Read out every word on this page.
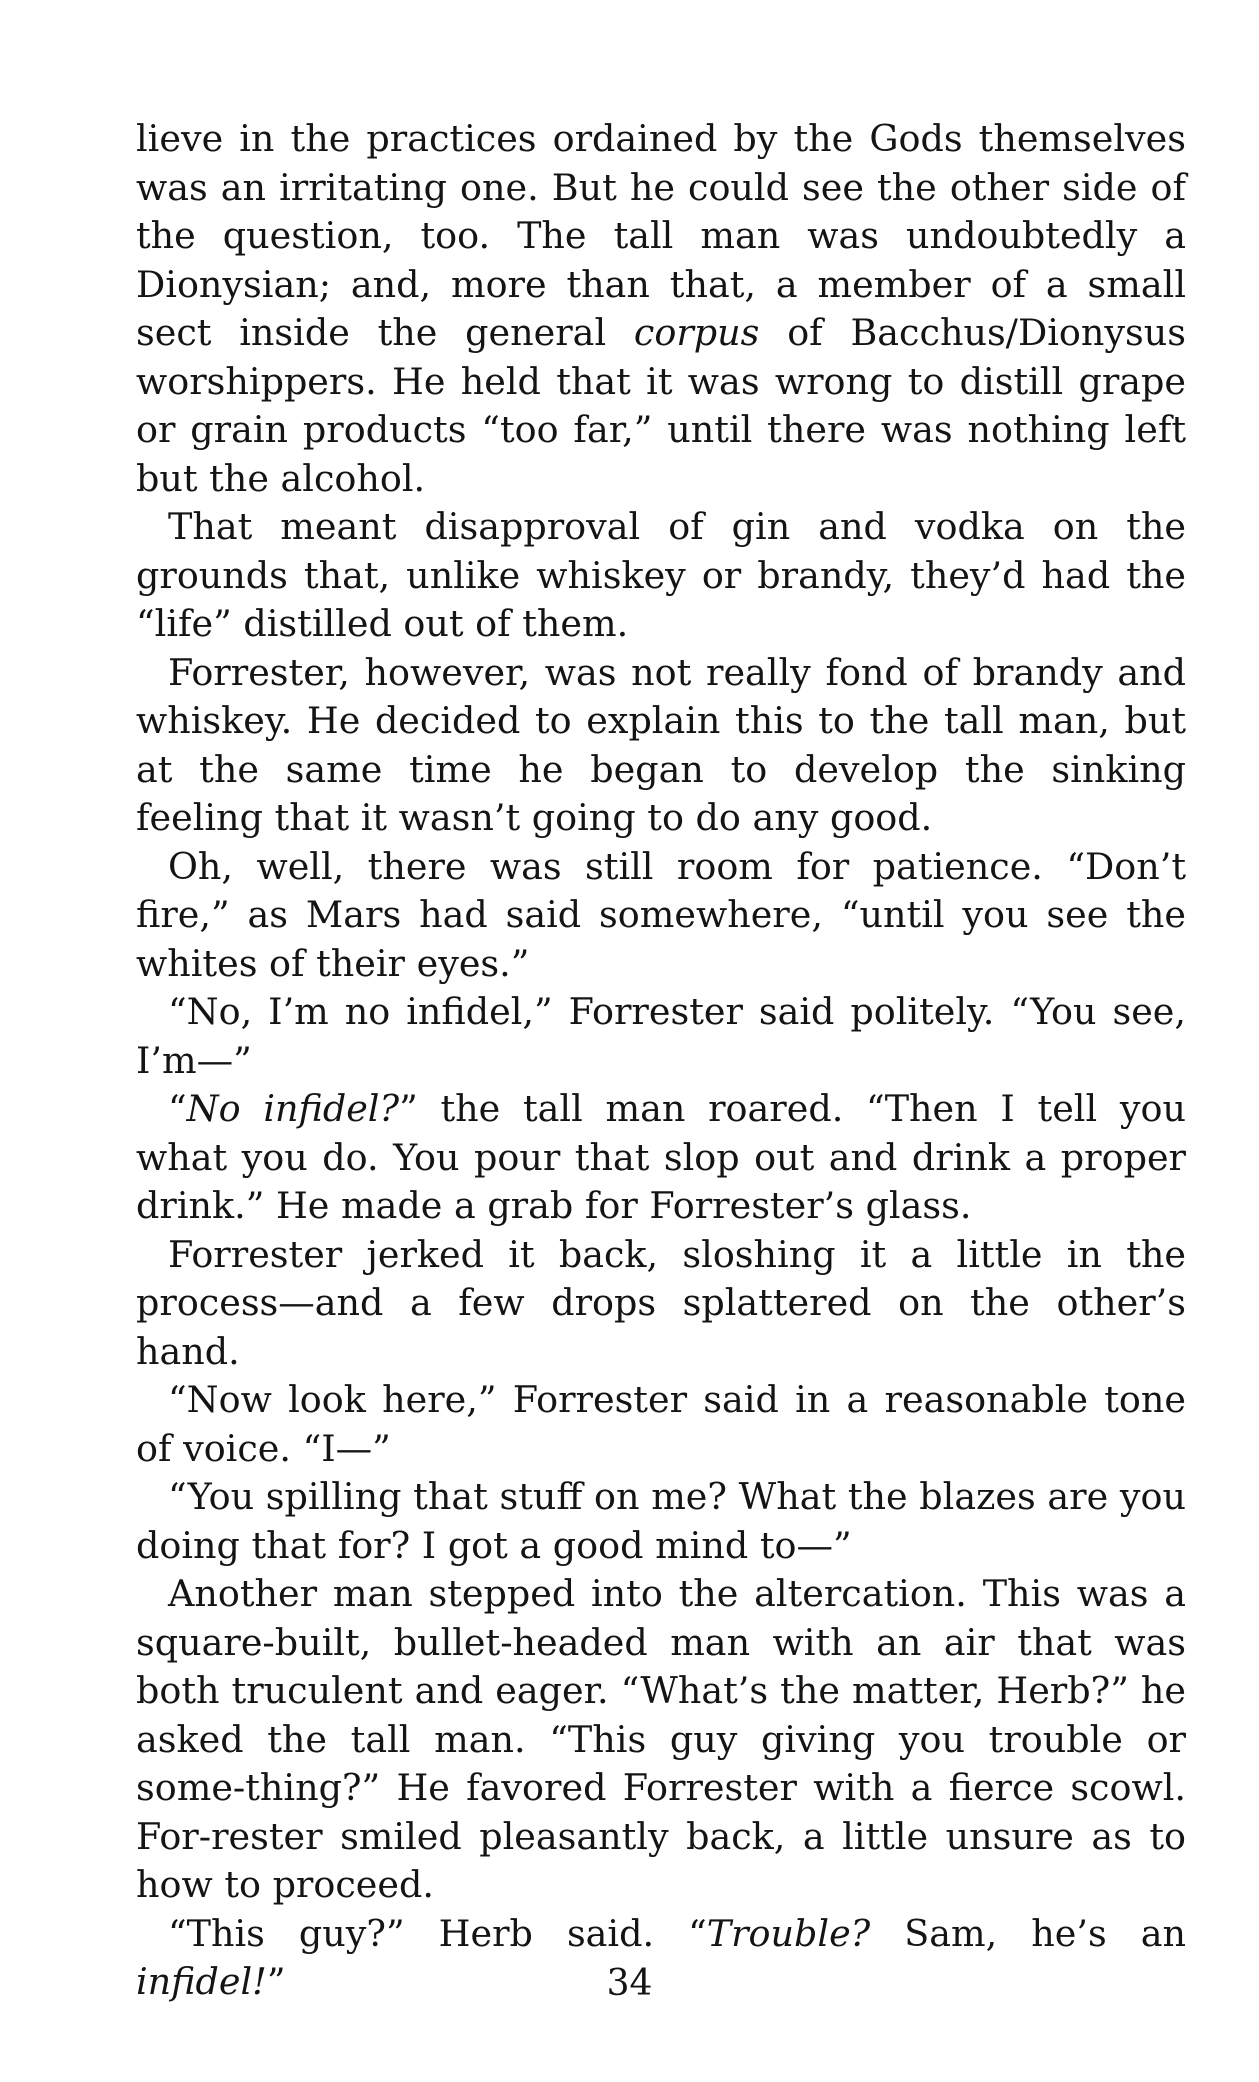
lieve in the practices ordained by the Gods themselves was an irritating one. But he could see the other side of the question, too. The tall man was undoubtedly a Dionysian; and, more than that, a member of a small sect inside the general corpus of Bacchus/Dionysus worshippers. He held that it was wrong to distill grape or grain products “too far,” until there was nothing left but the alcohol.

That meant disapproval of gin and vodka on the grounds that, unlike whiskey or brandy, they’d had the “life” distilled out of them.

Forrester, however, was not really fond of brandy and whiskey. He decided to explain this to the tall man, but at the same time he began to develop the sinking feeling that it wasn’t going to do any good.

Oh, well, there was still room for patience. “Don’t fire,” as Mars had said somewhere, “until you see the whites of their eyes.”

“No, I’m no infidel,” Forrester said politely. “You see, I’m—”

“No infidel?” the tall man roared. “Then I tell you what you do. You pour that slop out and drink a proper drink.” He made a grab for Forrester’s glass.

Forrester jerked it back, sloshing it a little in the process—and a few drops splattered on the other’s hand.

“Now look here,” Forrester said in a reasonable tone of voice. “I—”

“You spilling that stuff on me? What the blazes are you doing that for? I got a good mind to—”

Another man stepped into the altercation. This was a square-built, bullet-headed man with an air that was both truculent and eager. “What’s the matter, Herb?” he asked the tall man. “This guy giving you trouble or some-thing?” He favored Forrester with a fierce scowl. For-rester smiled pleasantly back, a little unsure as to how to proceed.

“This guy?” Herb said. “Trouble? Sam, he’s an infidel!”	34
